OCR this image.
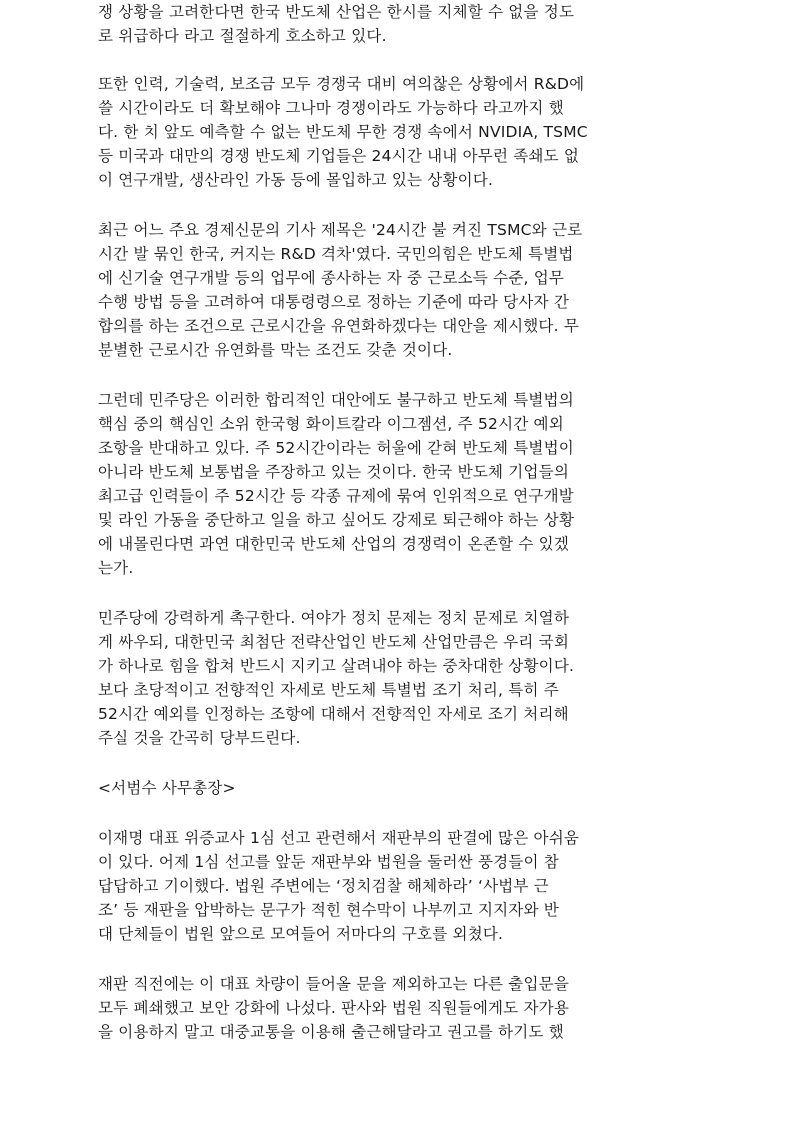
쟁 상황을 고려한다면 한국 반도체 산업은 한시를 지체할 수 없을 정도
로 위급하다 라고 절절하게 호소하고 있다.
또한 인력, 기술력, 보조금 모두 경쟁국 대비 여의찮은 상황에서 R&D에
쓸 시간이라도 더 확보해야 그나마 경쟁이라도 가능하다 라고까지 했
다. 한 치 앞도 예측할 수 없는 반도체 무한 경쟁 속에서 NVIDIA, TSMC
등 미국과 대만의 경쟁 반도체 기업들은 24시간 내내 아무런 족쇄도 없
이 연구개발, 생산라인 가동 등에 몰입하고 있는 상황이다.
최근 어느 주요 경제신문의 기사 제목은 '24시간 불 켜진 TSMC와 근로
시간 발 묶인 한국, 커지는 R&D 격차'였다. 국민의힘은 반도체 특별법
에 신기술 연구개발 등의 업무에 종사하는 자 중 근로소득 수준, 업무
수행 방법 등을 고려하여 대통령령으로 정하는 기준에 따라 당사자 간
합의를 하는 조건으로 근로시간을 유연화하겠다는 대안을 제시했다. 무
분별한 근로시간 유연화를 막는 조건도 갖춘 것이다.
그런데 민주당은 이러한 합리적인 대안에도 불구하고 반도체 특별법의
핵심 중의 핵심인 소위 한국형 화이트칼라 이그젬션, 주 52시간 예외
조항을 반대하고 있다. 주 52시간이라는 허울에 갇혀 반도체 특별법이
아니라 반도체 보통법을 주장하고 있는 것이다. 한국 반도체 기업들의
최고급 인력들이 주 52시간 등 각종 규제에 묶여 인위적으로 연구개발
및 라인 가동을 중단하고 일을 하고 싶어도 강제로 퇴근해야 하는 상황
에 내몰린다면 과연 대한민국 반도체 산업의 경쟁력이 온존할 수 있겠
는가.
민주당에 강력하게 촉구한다. 여야가 정치 문제는 정치 문제로 치열하
게 싸우되, 대한민국 최첨단 전략산업인 반도체 산업만큼은 우리 국회
가 하나로 힘을 합쳐 반드시 지키고 살려내야 하는 중차대한 상황이다.
보다 초당적이고 전향적인 자세로 반도체 특별법 조기 처리, 특히 주
52시간 예외를 인정하는 조항에 대해서 전향적인 자세로 조기 처리해
주실 것을 간곡히 당부드린다.
<서범수 사무총장>
이재명 대표 위증교사 1심 선고 관련해서 재판부의 판결에 많은 아쉬움
이 있다. 어제 1심 선고를 앞둔 재판부와 법원을 둘러싼 풍경들이 참
답답하고 기이했다. 법원 주변에는 ‘정치검찰 해체하라’ ‘사법부 근
조’ 등 재판을 압박하는 문구가 적힌 현수막이 나부끼고 지지자와 반
대 단체들이 법원 앞으로 모여들어 저마다의 구호를 외쳤다.
재판 직전에는 이 대표 차량이 들어올 문을 제외하고는 다른 출입문을
모두 폐쇄했고 보안 강화에 나섰다. 판사와 법원 직원들에게도 자가용
을 이용하지 말고 대중교통을 이용해 출근해달라고 권고를 하기도 했
